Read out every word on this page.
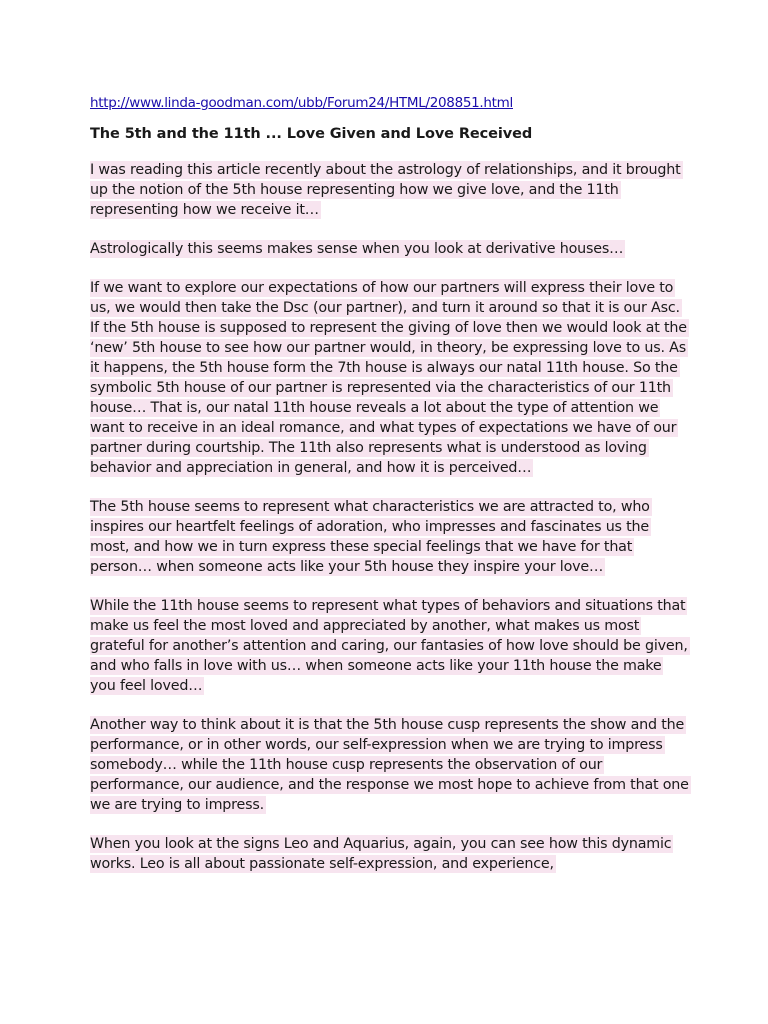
http://www.linda-goodman.com/ubb/Forum24/HTML/208851.html
The 5th and the 11th ... Love Given and Love Received

I was reading this article recently about the astrology of relationships, and it brought up the notion of the 5th house representing how we give love, and the 11th representing how we receive it…

Astrologically this seems makes sense when you look at derivative houses…

If we want to explore our expectations of how our partners will express their love to us, we would then take the Dsc (our partner), and turn it around so that it is our Asc. If the 5th house is supposed to represent the giving of love then we would look at the ‘new’ 5th house to see how our partner would, in theory, be expressing love to us. As it happens, the 5th house form the 7th house is always our natal 11th house. So the symbolic 5th house of our partner is represented via the characteristics of our 11th house… That is, our natal 11th house reveals a lot about the type of attention we want to receive in an ideal romance, and what types of expectations we have of our partner during courtship. The 11th also represents what is understood as loving behavior and appreciation in general, and how it is perceived…

The 5th house seems to represent what characteristics we are attracted to, who inspires our heartfelt feelings of adoration, who impresses and fascinates us the most, and how we in turn express these special feelings that we have for that person… when someone acts like your 5th house they inspire your love…

While the 11th house seems to represent what types of behaviors and situations that make us feel the most loved and appreciated by another, what makes us most grateful for another’s attention and caring, our fantasies of how love should be given, and who falls in love with us… when someone acts like your 11th house the make you feel loved…

Another way to think about it is that the 5th house cusp represents the show and the performance, or in other words, our self-expression when we are trying to impress somebody… while the 11th house cusp represents the observation of our performance, our audience, and the response we most hope to achieve from that one we are trying to impress.

When you look at the signs Leo and Aquarius, again, you can see how this dynamic works. Leo is all about passionate self-expression, and experience,
